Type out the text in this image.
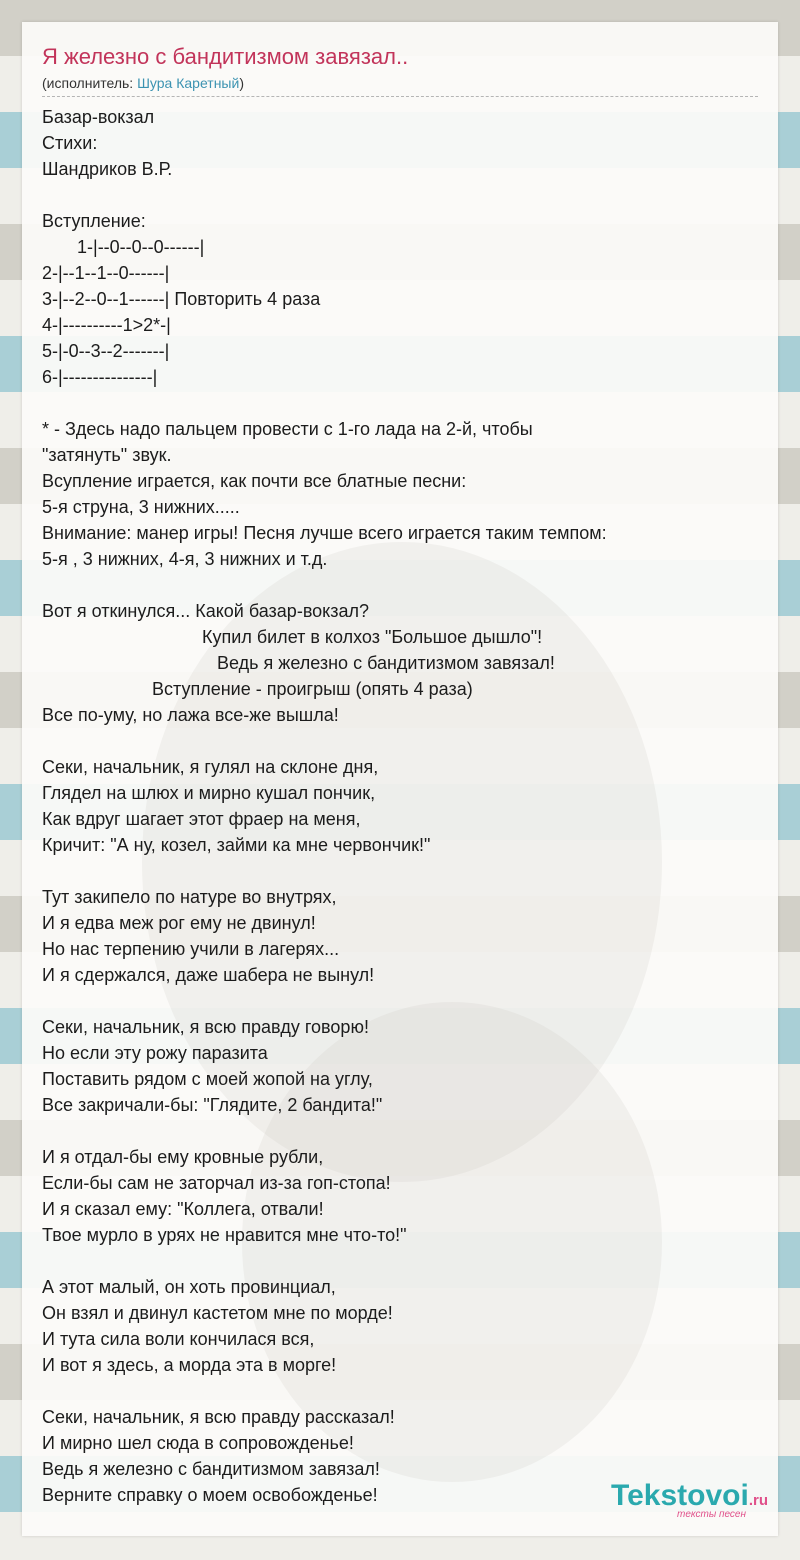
Я железно с бандитизмом завязал..
(исполнитель: Шура Каретный)
Базар-вокзал
Стихи:
Шандриков В.Р.

Вступление:
1-|--0--0--0------|
2-|--1--1--0------|
3-|--2--0--1------| Повторить 4 раза
4-|----------1>2*-|
5-|-0--3--2-------|
6-|---------------|

* - Здесь надо пальцем провести с 1-го лада на 2-й, чтобы
"затянуть" звук.
Всупление играется, как почти все блатные песни:
5-я струна, 3 нижних.....
Внимание: манер игры! Песня лучше всего играется таким темпом:
5-я , 3 нижних, 4-я, 3 нижних и т.д.

Вот я откинулся... Какой базар-вокзал?
Купил билет в колхоз "Большое дышло"!
Ведь я железно с бандитизмом завязал!
Вступление - проигрыш (опять 4 раза)
Все по-уму, но лажа все-же вышла!

Секи, начальник, я гулял на склоне дня,
Глядел на шлюх и мирно кушал пончик,
Как вдруг шагает этот фраер на меня,
Кричит: "А ну, козел, займи ка мне червончик!"

Тут закипело по натуре во внутрях,
И я едва меж рог ему не двинул!
Но нас терпению учили в лагерях...
И я сдержался, даже шабера не вынул!

Секи, начальник, я всю правду говорю!
Но если эту рожу паразита
Поставить рядом с моей жопой на углу,
Все закричали-бы: "Глядите, 2 бандита!"

И я отдал-бы ему кровные рубли,
Если-бы сам не заторчал из-за гоп-стопа!
И я сказал ему: "Коллега, отвали!
Твое мурло в урях не нравится мне что-то!"

А этот малый, он хоть провинциал,
Он взял и двинул кастетом мне по морде!
И тута сила воли кончилася вся,
И вот я здесь, а морда эта в морге!

Секи, начальник, я всю правду рассказал!
И мирно шел сюда в сопровожденье!
Ведь я железно с бандитизмом завязал!
Верните справку о моем освобожденье!	Tekstovoi.ru
тексты песен
